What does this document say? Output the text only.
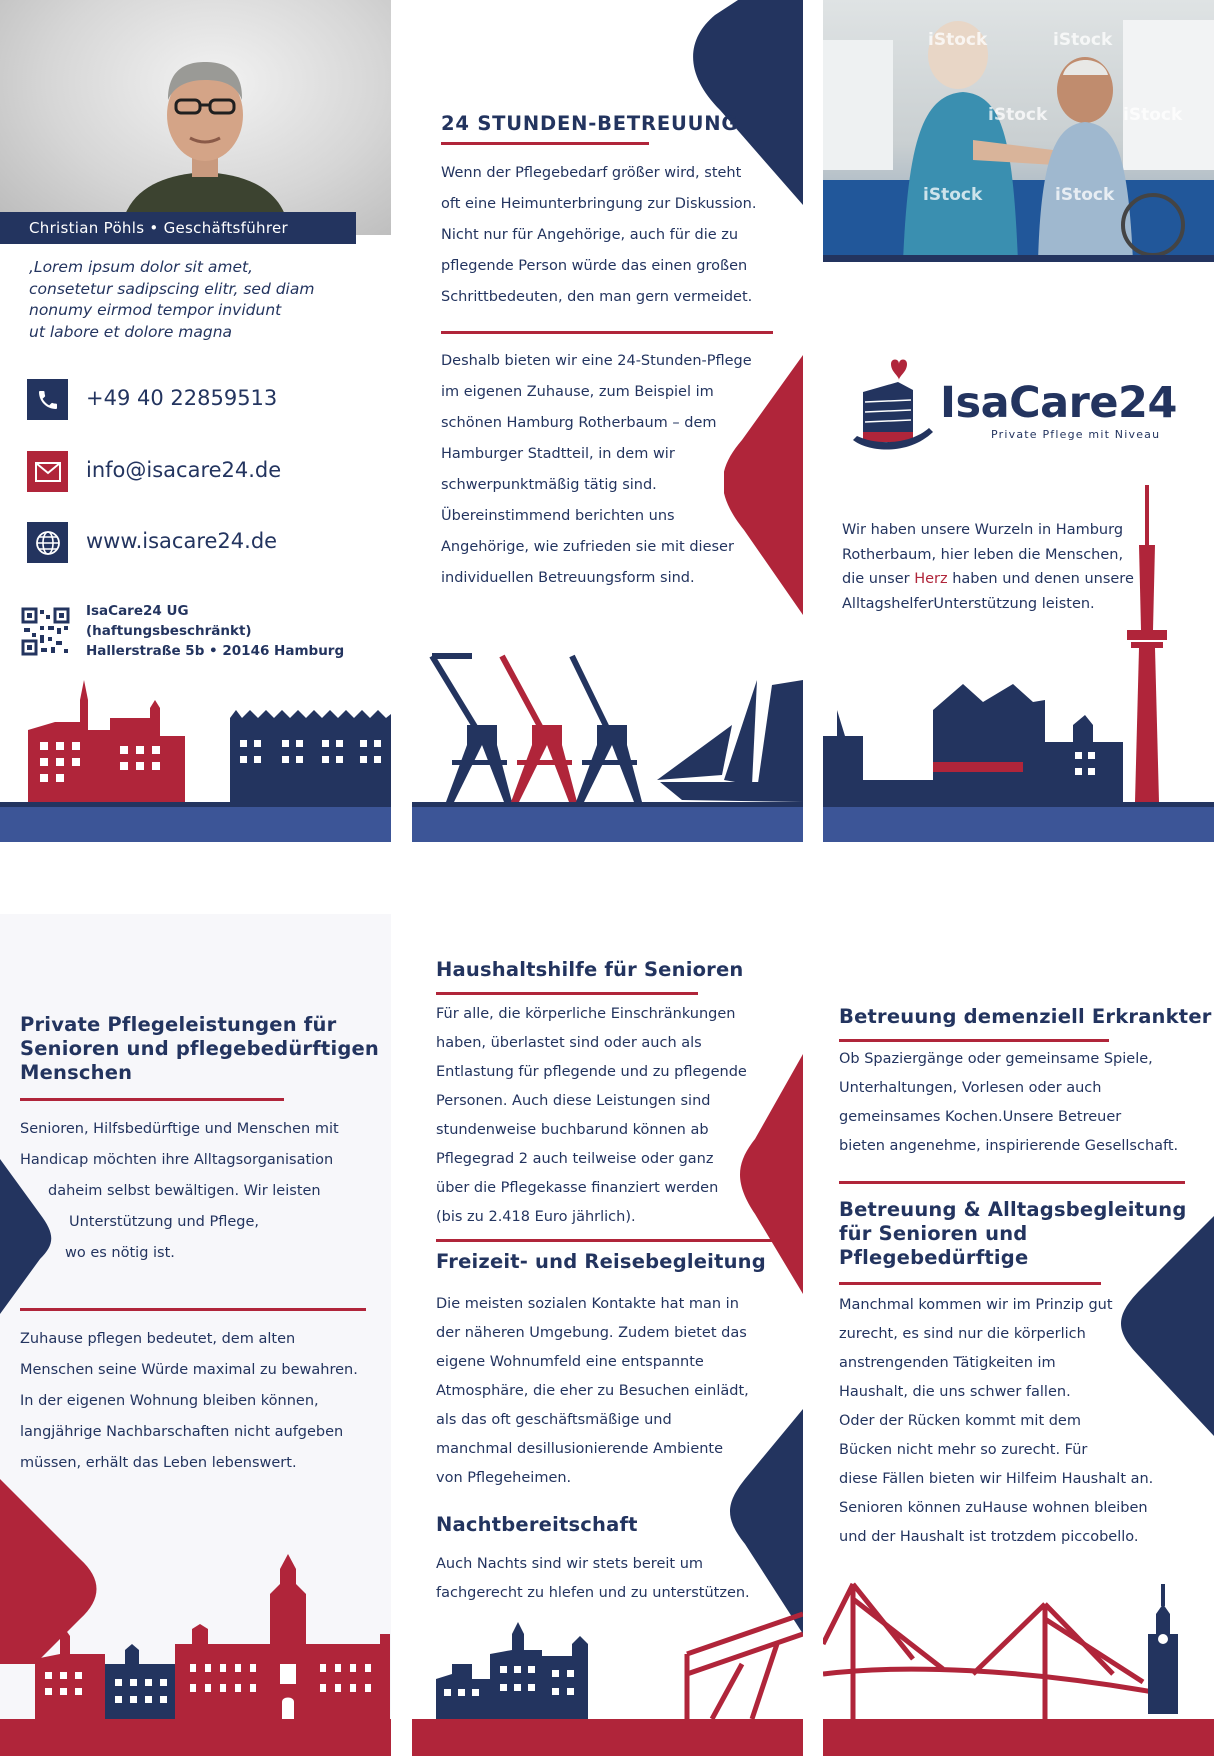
Christian Pöhls • Geschäftsführer
‚Lorem ipsum dolor sit amet,
consetetur sadipscing elitr, sed diam
nonumy eirmod tempor invidunt
ut labore et dolore magna
+49 40 22859513
info@isacare24.de
www.isacare24.de
IsaCare24 UG
(haftungsbeschränkt)
Hallerstraße 5b • 20146 Hamburg
24 STUNDEN-BETREUUNG
Wenn der Pflegebedarf größer wird, steht
oft eine Heimunterbringung zur Diskussion.
Nicht nur für Angehörige, auch für die zu
pflegende Person würde das einen großen
Schrittbedeuten, den man gern vermeidet.
Deshalb bieten wir eine 24-Stunden-Pflege
im eigenen Zuhause, zum Beispiel im
schönen Hamburg Rotherbaum – dem
Hamburger Stadtteil, in dem wir
schwerpunktmäßig tätig sind.
Übereinstimmend berichten uns
Angehörige, wie zufrieden sie mit dieser
individuellen Betreuungsform sind.
iStock	iStock
iStock	iStock
iStock	iStock
IsaCare24
Private Pflege mit Niveau
Wir haben unsere Wurzeln in Hamburg Rotherbaum, hier leben die Menschen, die unser Herz haben und denen unsere AlltagshelferUnterstützung leisten.
Private Pflegeleistungen für
Senioren und pflegebedürftigen
Menschen
Senioren, Hilfsbedürftige und Menschen mit
Handicap möchten ihre Alltagsorganisation
daheim selbst bewältigen. Wir leisten
Unterstützung und Pflege,
wo es nötig ist.
Zuhause pflegen bedeutet, dem alten
Menschen seine Würde maximal zu bewahren.
In der eigenen Wohnung bleiben können,
langjährige Nachbarschaften nicht aufgeben
müssen, erhält das Leben lebenswert.
Haushaltshilfe für Senioren
Für alle, die körperliche Einschränkungen
haben, überlastet sind oder auch als
Entlastung für pflegende und zu pflegende
Personen. Auch diese Leistungen sind
stundenweise buchbarund können ab
Pflegegrad 2 auch teilweise oder ganz
über die Pflegekasse finanziert werden
(bis zu 2.418 Euro jährlich).
Freizeit- und Reisebegleitung
Die meisten sozialen Kontakte hat man in
der näheren Umgebung. Zudem bietet das
eigene Wohnumfeld eine entspannte
Atmosphäre, die eher zu Besuchen einlädt,
als das oft geschäftsmäßige und
manchmal desillusionierende Ambiente
von Pflegeheimen.
Nachtbereitschaft
Auch Nachts sind wir stets bereit um
fachgerecht zu hlefen und zu unterstützen.
Betreuung demenziell Erkrankter
Ob Spaziergänge oder gemeinsame Spiele,
Unterhaltungen, Vorlesen oder auch
gemeinsames Kochen.Unsere Betreuer
bieten angenehme, inspirierende Gesellschaft.
Betreuung & Alltagsbegleitung
für Senioren und
Pflegebedürftige
Manchmal kommen wir im Prinzip gut
zurecht, es sind nur die körperlich
anstrengenden Tätigkeiten im
Haushalt, die uns schwer fallen.
Oder der Rücken kommt mit dem
Bücken nicht mehr so zurecht. Für
diese Fällen bieten wir Hilfeim Haushalt an.
Senioren können zuHause wohnen bleiben
und der Haushalt ist trotzdem piccobello.
